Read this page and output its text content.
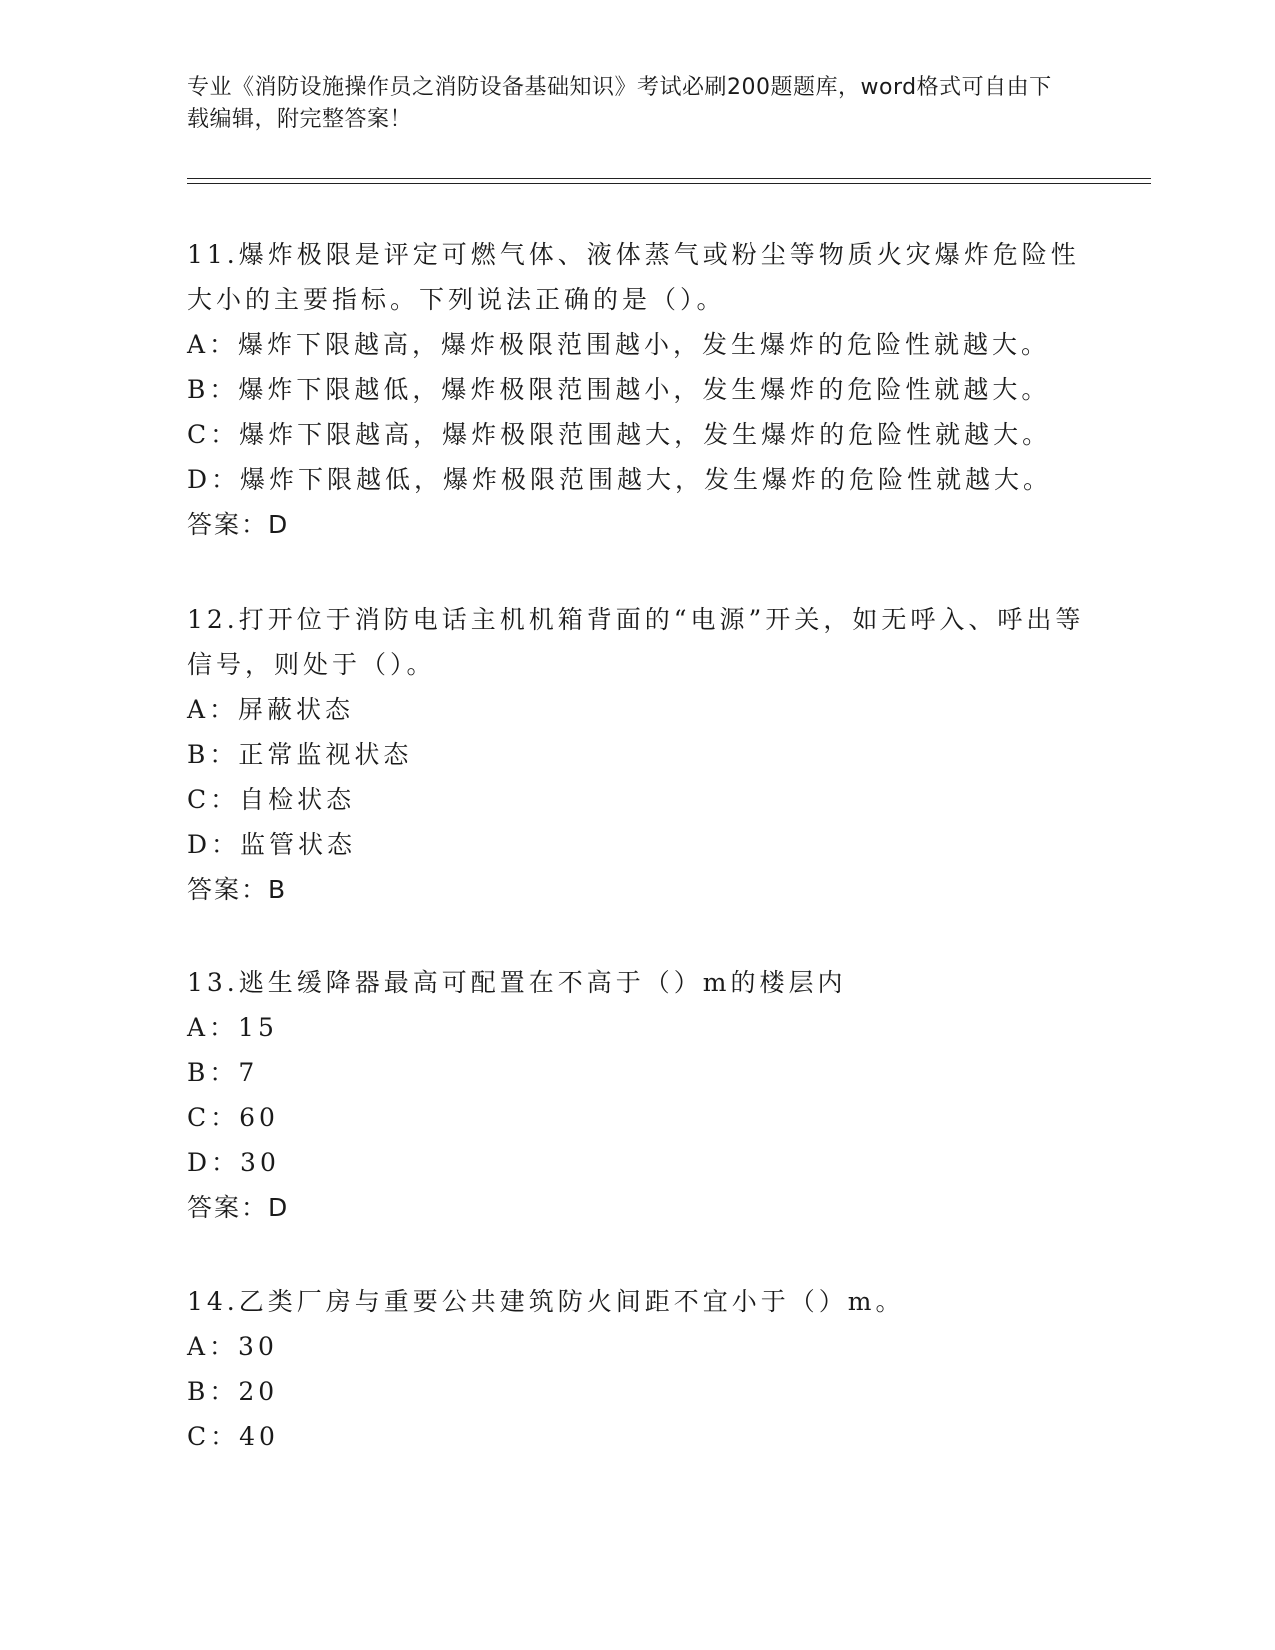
专业《消防设施操作员之消防设备基础知识》考试必刷200题题库，word格式可自由下载编辑，附完整答案！
11.爆炸极限是评定可燃气体、液体蒸气或粉尘等物质火灾爆炸危险性大小的主要指标。下列说法正确的是（）。
A：爆炸下限越高，爆炸极限范围越小，发生爆炸的危险性就越大。
B：爆炸下限越低，爆炸极限范围越小，发生爆炸的危险性就越大。
C：爆炸下限越高，爆炸极限范围越大，发生爆炸的危险性就越大。
D：爆炸下限越低，爆炸极限范围越大，发生爆炸的危险性就越大。
答案：D
12.打开位于消防电话主机机箱背面的“电源”开关，如无呼入、呼出等信号，则处于（）。
A：屏蔽状态
B：正常监视状态
C：自检状态
D：监管状态
答案：B
13.逃生缓降器最高可配置在不高于（）m的楼层内
A：15
B：7
C：60
D：30
答案：D
14.乙类厂房与重要公共建筑防火间距不宜小于（）m。
A：30
B：20
C：40
